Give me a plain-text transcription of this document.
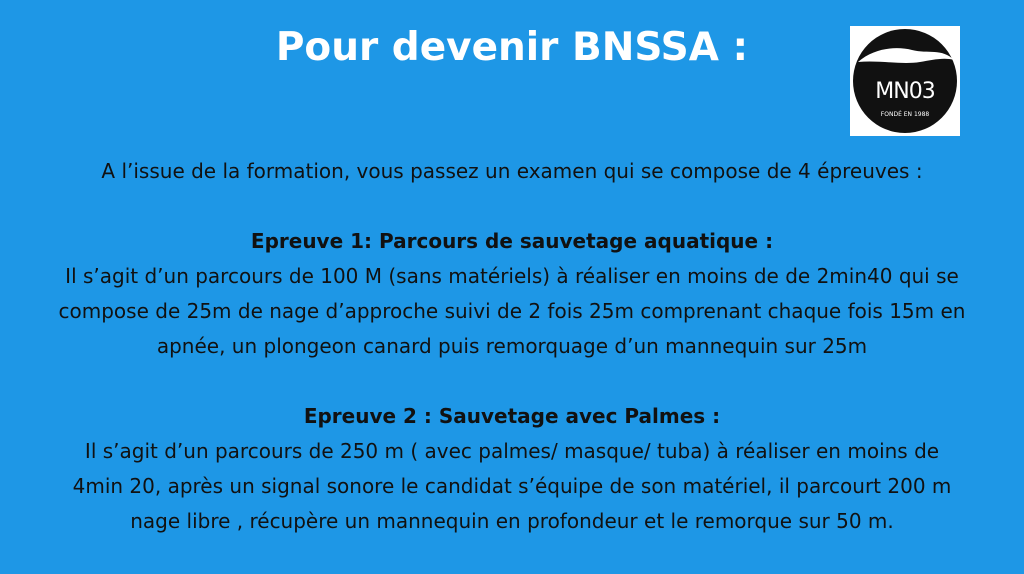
Pour devenir BNSSA :
MN03
FONDÉ EN 1988

A l’issue de la formation, vous passez un examen qui se compose de 4 épreuves :

Epreuve 1: Parcours de sauvetage aquatique :

Il s’agit d’un parcours de 100 M (sans matériels) à réaliser en moins de de 2min40 qui se

compose de 25m de nage d’approche suivi de 2 fois 25m comprenant chaque fois 15m en

apnée, un plongeon canard puis remorquage d’un mannequin sur 25m

Epreuve 2 : Sauvetage avec Palmes :

Il s’agit d’un parcours de 250 m ( avec palmes/ masque/ tuba) à réaliser en moins de

4min 20, après un signal sonore le candidat s’équipe de son matériel, il parcourt 200 m

nage libre , récupère un mannequin en profondeur et le remorque sur 50 m.
